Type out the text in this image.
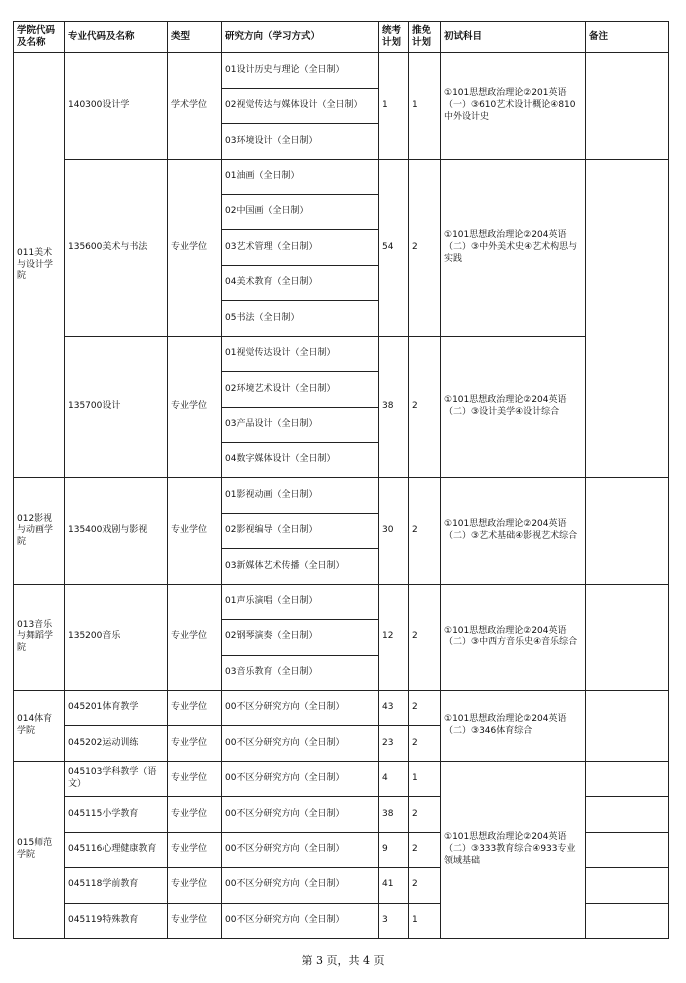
学院代码及名称	专业代码及名称	类型	研究方向（学习方式）	统考计划	推免计划	初试科目	备注
011美术与设计学院	140300设计学	学术学位	01设计历史与理论（全日制）	1	1	①101思想政治理论②201英语（一）③610艺术设计概论④810中外设计史	
			02视觉传达与媒体设计（全日制）				
			03环境设计（全日制）				
	135600美术与书法	专业学位	01油画（全日制）	54	2	①101思想政治理论②204英语（二）③中外美术史④艺术构思与实践	
			02中国画（全日制）				
			03艺术管理（全日制）				
			04美术教育（全日制）				
			05书法（全日制）				
	135700设计	专业学位	01视觉传达设计（全日制）	38	2	①101思想政治理论②204英语（二）③设计美学④设计综合	
			02环境艺术设计（全日制）				
			03产品设计（全日制）				
			04数字媒体设计（全日制）				
012影视与动画学院	135400戏剧与影视	专业学位	01影视动画（全日制）	30	2	①101思想政治理论②204英语（二）③艺术基础④影视艺术综合	
			02影视编导（全日制）				
			03新媒体艺术传播（全日制）				
013音乐与舞蹈学院	135200音乐	专业学位	01声乐演唱（全日制）	12	2	①101思想政治理论②204英语（二）③中西方音乐史④音乐综合	
			02钢琴演奏（全日制）				
			03音乐教育（全日制）				
014体育学院	045201体育教学	专业学位	00不区分研究方向（全日制）	43	2	①101思想政治理论②204英语（二）③346体育综合	
	045202运动训练	专业学位	00不区分研究方向（全日制）	23	2		
015师范学院	045103学科教学（语文）	专业学位	00不区分研究方向（全日制）	4	1	①101思想政治理论②204英语（二）③333教育综合④933专业领域基础	
	045115小学教育	专业学位	00不区分研究方向（全日制）	38	2		
	045116心理健康教育	专业学位	00不区分研究方向（全日制）	9	2		
	045118学前教育	专业学位	00不区分研究方向（全日制）	41	2		
	045119特殊教育	专业学位	00不区分研究方向（全日制）	3	1		
第 3 页，共 4 页
